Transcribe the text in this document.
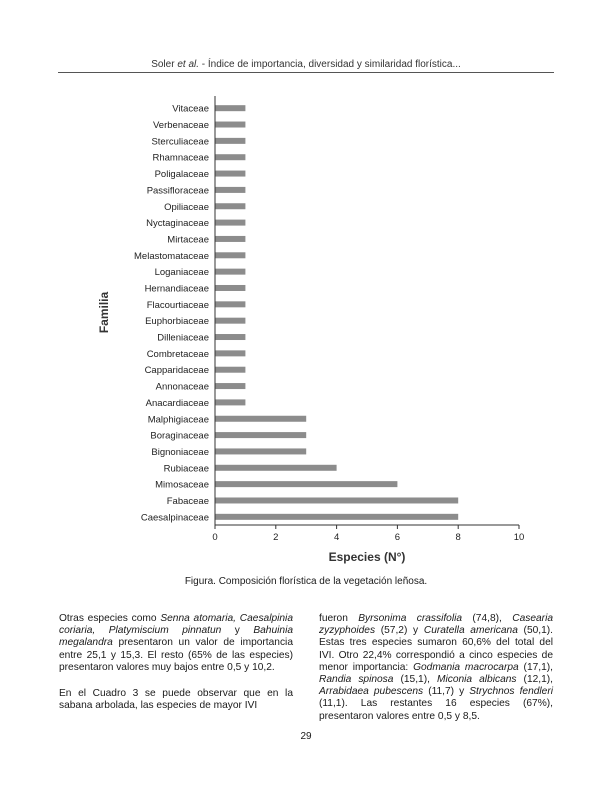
Soler et al. - Índice de importancia, diversidad y similaridad florística...
Vitaceae
Verbenaceae
Sterculiaceae
Rhamnaceae
Poligalaceae
Passifloraceae
Opiliaceae
Nyctaginaceae
Mirtaceae
Melastomataceae
Loganiaceae
Hernandiaceae
Flacourtiaceae
Euphorbiaceae
Dilleniaceae
Combretaceae
Capparidaceae
Annonaceae
Anacardiaceae
Malphigiaceae
Boraginaceae
Bignoniaceae
Rubiaceae
Mimosaceae
Fabaceae
Caesalpinaceae
0	2	4	6	8	10
Especies (N°)
Familia
Figura. Composición florística de la vegetación leñosa.

Otras especies como Senna atomaria, Caesalpinia coriaria, Platymiscium pinnatun y Bahuinia megalandra presentaron un valor de importancia entre 25,1 y 15,3. El resto (65% de las especies) presentaron valores muy bajos entre 0,5 y 10,2.

En el Cuadro 3 se puede observar que en la sabana arbolada, las especies de mayor IVI

fueron Byrsonima crassifolia (74,8), Casearia zyzyphoides (57,2) y Curatella americana (50,1). Estas tres especies sumaron 60,6% del total del IVI. Otro 22,4% correspondió a cinco especies de menor importancia: Godmania macrocarpa (17,1), Randia spinosa (15,1), Miconia albicans (12,1), Arrabidaea pubescens (11,7) y Strychnos fendleri (11,1). Las restantes 16 especies (67%), presentaron valores entre 0,5 y 8,5.

29
